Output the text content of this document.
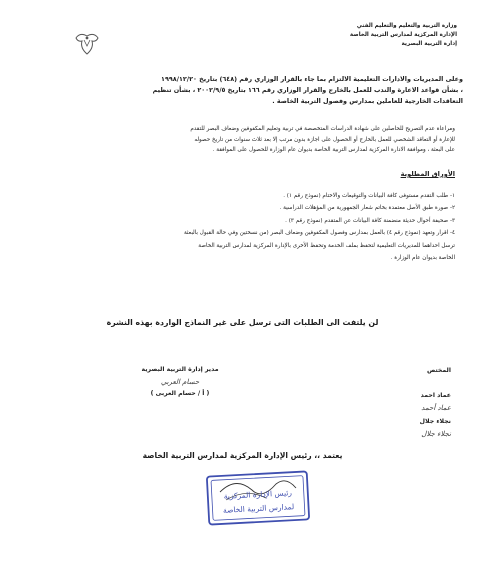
وزارة التربية والتعليم والتعليم الفني
الإدارة المركزية لمدارس التربية الخاصة
إدارة التربية البصرية
وعلى المديريات والادارات التعليمية الالتزام بما جاء بالقرار الوزاري رقم (٦٤٨) بتاريخ ١٩٩٨/١٢/٢٠
، بشأن قواعد الاعارة والندب للعمل بالخارج والقرار الوزاري رقم ١٦٦ بتاريخ ٢٠٠٢/٩/٥ ، بشأن تنظيم
التعاقدات الخارجية للعاملين بمدارس وفصول التربية الخاصة .
ومراعاة عدم التصريح للحاصلين على شهادة الدراسات المتخصصة في تربية وتعليم المكفوفين وضعاف البصر للتقدم
للإعارة أو التعاقد الشخصي للعمل بالخارج أو الحصول على اجازة بدون مرتب إلا بعد ثلاث سنوات من تاريخ حصوله
على البعثة ، وموافقة الادارة المركزية لمدارس التربية الخاصة بديوان عام الوزارة للحصول على الموافقة .
الأوراق المطلوبة
١- طلب التقدم مستوفى كافة البيانات والتوقيعات والاختام (نموذج رقم ١) .
٢- صورة طبق الأصل معتمدة بخاتم شعار الجمهورية من المؤهلات الدراسية .
٣- صحيفة أحوال حديثة منضمنة كافة البيانات عن المتقدم (نموذج رقم ٣) .
٤- اقرار وتعهد (نموذج رقم ٤) بالعمل بمدارس وفصول المكفوفين وضعاف البصر (من نسختين وفي حالة القبول بالبعثة
ترسل احداهما للمديريات التعليمية لتحفظ بملف الخدمة وتحفظ الأخرى بالإدارة المركزية لمدارس التربية الخاصة
الخاصة بديوان عام الوزارة .
لن يلتفت الى الطلبات التى ترسل على غير النماذج الواردة بهذه النشرة
مدير إدارة التربية البصرية
حسام العربي
( أ / حسام العربى )
المختص
عماد احمد
عماد أحمد
نجلاء جلال
نجلاء جلال
يعتمد ،، رئيس الإدارة المركزية لمدارس التربية الخاصة
رئيس الإدارة المركزية
لمدارس التربية الخاصة
